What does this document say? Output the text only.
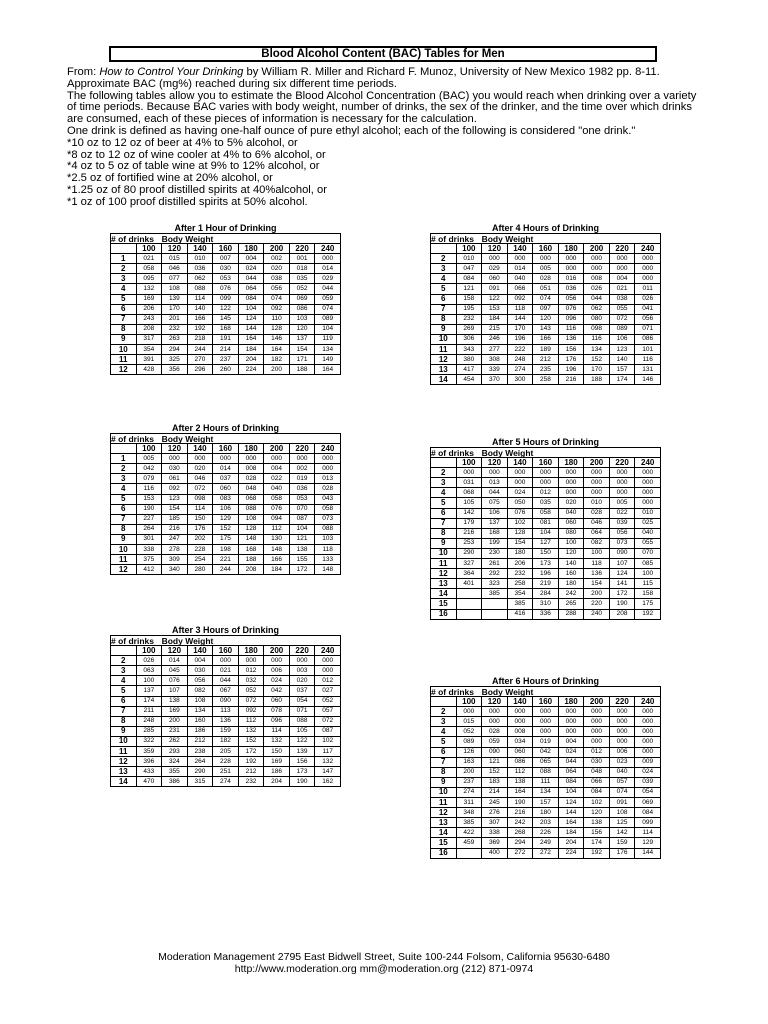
Blood Alcohol Content (BAC) Tables for Men

From: How to Control Your Drinking by William R. Miller and Richard F. Munoz, University of New Mexico 1982 pp. 8-11.

Approximate BAC (mg%) reached during six different time periods.

The following tables allow you to estimate the Blood Alcohol Concentration (BAC) you would reach when drinking over a variety of time periods. Because BAC varies with body weight, number of drinks, the sex of the drinker, and the time over which drinks are consumed, each of these pieces of information is necessary for the calculation.

One drink is defined as having one-half ounce of pure ethyl alcohol; each of the following is considered "one drink."

*10 oz to 12 oz of beer at 4% to 5% alcohol, or

*8 oz to 12 oz of wine cooler at 4% to 6% alcohol, or

*4 oz to 5 oz of table wine at 9% to 12% alcohol, or

*2.5 oz of fortified wine at 20% alcohol, or

*1.25 oz of 80 proof distilled spirits at 40%alcohol, or

*1 oz of 100 proof distilled spirits at 50% alcohol.

After 1 Hour of Drinking
# of drinks		Body Weight						
	100	120	140	160	180	200	220	240
1	021	015	010	007	004	002	001	000
2	058	046	036	030	024	020	018	014
3	095	077	062	053	044	038	035	029
4	132	108	088	076	064	056	052	044
5	169	139	114	099	084	074	069	059
6	206	170	140	122	104	092	086	074
7	243	201	166	145	124	110	103	089
8	208	232	192	168	144	128	120	104
9	317	263	218	191	164	146	137	119
10	354	294	244	214	184	164	154	134
11	391	325	270	237	204	182	171	149
12	428	356	296	260	224	200	188	164
After 2 Hours of Drinking
# of drinks		Body Weight						
	100	120	140	160	180	200	220	240
1	005	000	000	000	000	000	000	000
2	042	030	020	014	008	004	002	000
3	079	061	046	037	028	022	019	013
4	116	092	072	060	048	040	036	028
5	153	123	098	083	068	058	053	043
6	190	154	114	106	088	076	070	058
7	227	185	150	129	108	094	087	073
8	264	216	176	152	128	112	104	088
9	301	247	202	175	148	130	121	103
10	338	278	228	198	168	148	138	118
11	375	309	254	221	188	166	155	133
12	412	340	280	244	208	184	172	148
After 3 Hours of Drinking
# of drinks		Body Weight						
	100	120	140	160	180	200	220	240
2	026	014	004	000	000	000	000	000
3	063	045	030	021	012	006	003	000
4	100	076	056	044	032	024	020	012
5	137	107	082	067	052	042	037	027
6	174	138	108	090	072	060	054	052
7	211	169	134	113	092	078	071	057
8	248	200	160	136	112	096	088	072
9	285	231	186	159	132	114	105	087
10	322	262	212	182	152	132	122	102
11	359	293	238	205	172	150	139	117
12	396	324	264	228	192	169	156	132
13	433	355	290	251	212	186	173	147
14	470	386	315	274	232	204	190	162
After 4 Hours of Drinking
# of drinks		Body Weight						
	100	120	140	160	180	200	220	240
2	010	000	000	000	000	000	000	000
3	047	029	014	005	000	000	000	000
4	084	060	040	028	016	008	004	000
5	121	091	066	051	036	026	021	011
6	158	122	092	074	056	044	038	026
7	195	153	118	097	076	062	055	041
8	232	184	144	120	096	080	072	056
9	269	215	170	143	116	098	089	071
10	306	246	196	166	136	116	106	086
11	343	277	222	189	156	134	123	101
12	380	308	248	212	176	152	140	116
13	417	339	274	235	196	170	157	131
14	454	370	300	258	216	188	174	146
After 5 Hours of Drinking
# of drinks		Body Weight						
	100	120	140	160	180	200	220	240
2	000	000	000	000	000	000	000	000
3	031	013	000	000	000	000	000	000
4	068	044	024	012	000	000	000	000
5	105	075	050	035	020	010	005	000
6	142	106	076	058	040	028	022	010
7	179	137	102	081	060	046	039	025
8	216	168	128	104	080	064	056	040
9	253	199	154	127	100	082	073	055
10	290	230	180	150	120	100	090	070
11	327	261	206	173	140	118	107	085
12	364	292	232	196	160	136	124	100
13	401	323	258	219	180	154	141	115
14		385	354	284	242	200	172	158
15			385	310	265	220	190	175
16			416	336	288	240	208	192
After 6 Hours of Drinking
# of drinks		Body Weight						
	100	120	140	160	180	200	220	240
2	000	000	000	000	000	000	000	000
3	015	000	000	000	000	000	000	000
4	052	028	008	000	000	000	000	000
5	089	059	034	019	004	000	000	000
6	126	090	060	042	024	012	006	000
7	163	121	086	065	044	030	023	009
8	200	152	112	088	064	048	040	024
9	237	183	138	111	084	066	057	039
10	274	214	164	134	104	084	074	054
11	311	245	190	157	124	102	091	069
12	348	276	216	180	144	120	108	084
13	385	307	242	203	164	138	125	099
14	422	338	268	226	184	156	142	114
15	459	369	294	249	204	174	159	129
16		400	272	272	224	192	176	144
Moderation Management 2795 East Bidwell Street, Suite 100-244 Folsom, California 95630-6480
http://www.moderation.org mm@moderation.org (212) 871-0974
